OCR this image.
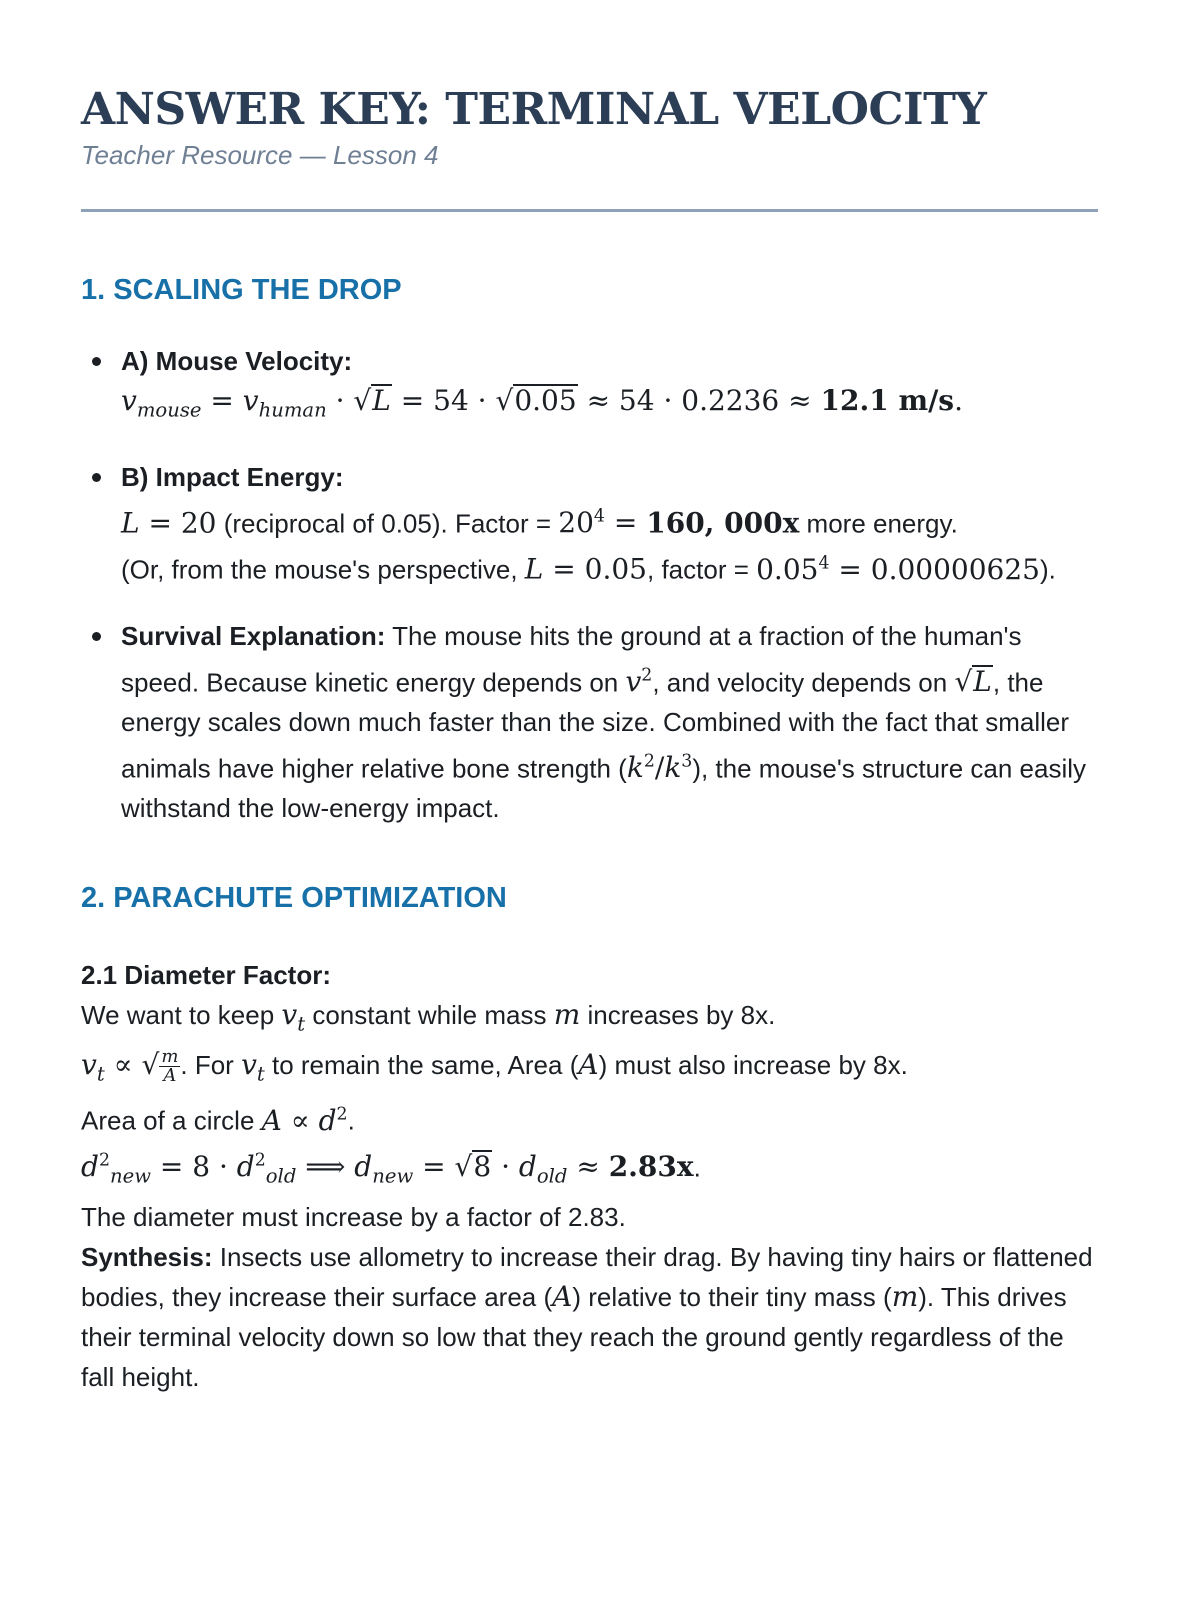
ANSWER KEY: TERMINAL VELOCITY
Teacher Resource — Lesson 4
1. SCALING THE DROP
A) Mouse Velocity:
$v_{mouse} = v_{human} \cdot √L = 54 \cdot √0.05 \approx 54 \cdot 0.2236 \approx 12.1$ m/s.
B) Impact Energy:
L = 20 (reciprocal of 0.05). Factor = $20^4 = 160$, 000x more energy.
(Or, from the mouse's perspective, L = 0.05, factor = $0.05^4 = 0.00000625$).
Survival Explanation: The mouse hits the ground at a fraction of the human's speed. Because kinetic energy depends on $v^2$, and velocity depends on √L, the energy scales down much faster than the size. Combined with the fact that smaller animals have higher relative bone strength $(k^2/k^3)$, the mouse's structure can easily withstand the low-energy impact.
2. PARACHUTE OPTIMIZATION
2.1 Diameter Factor:
We want to keep $v_t$ constant while mass m increases by 8x.
$v_t$ ∝ √ $\frac{m}{A}$ . For $v_t$ to remain the same, Area (A) must also increase by 8x.
Area of a circle $A \propto d^2$.
$d^2_{new} = 8 \cdot d^2_{old}$ ⟹ $d_{new} = √8 \cdot d_{old} \approx 2.83x$.
The diameter must increase by a factor of 2.83.
Synthesis: Insects use allometry to increase their drag. By having tiny hairs or flattened bodies, they increase their surface area (A) relative to their tiny mass (m). This drives their terminal velocity down so low that they reach the ground gently regardless of the fall height.
